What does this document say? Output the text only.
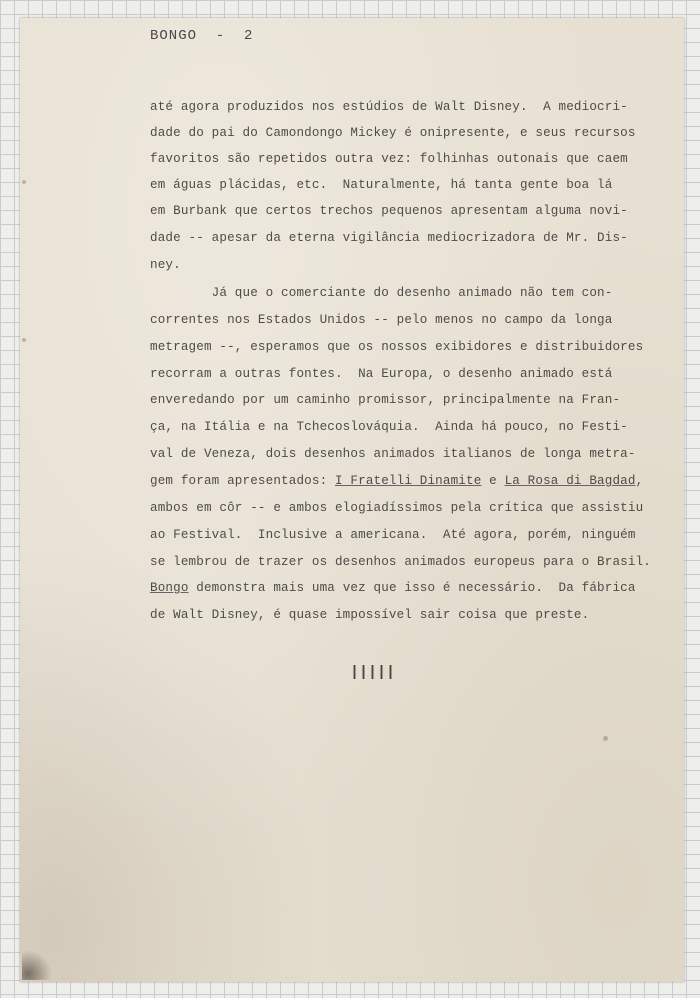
BONGO  -  2
até agora produzidos nos estúdios de Walt Disney.  A mediocri-
dade do pai do Camondongo Mickey é onipresente, e seus recursos
favoritos são repetidos outra vez: folhinhas outonais que caem
em águas plácidas, etc.  Naturalmente, há tanta gente boa lá
em Burbank que certos trechos pequenos apresentam alguma novi-
dade -- apesar da eterna vigilância mediocrizadora de Mr. Dis-
ney.
Já que o comerciante do desenho animado não tem con-
correntes nos Estados Unidos -- pelo menos no campo da longa
metragem --, esperamos que os nossos exibidores e distribuidores
recorram a outras fontes.  Na Europa, o desenho animado está
enveredando por um caminho promissor, principalmente na Fran-
ça, na Itália e na Tchecoslováquia.  Ainda há pouco, no Festi-
val de Veneza, dois desenhos animados italianos de longa metra-
gem foram apresentados: I Fratelli Dinamite e La Rosa di Bagdad,
ambos em côr -- e ambos elogiadíssimos pela crítica que assistiu
ao Festival.  Inclusive a americana.  Até agora, porém, ninguém
se lembrou de trazer os desenhos animados europeus para o Brasil.
Bongo demonstra mais uma vez que isso é necessário.  Da fábrica
de Walt Disney, é quase impossível sair coisa que preste.
|||||
